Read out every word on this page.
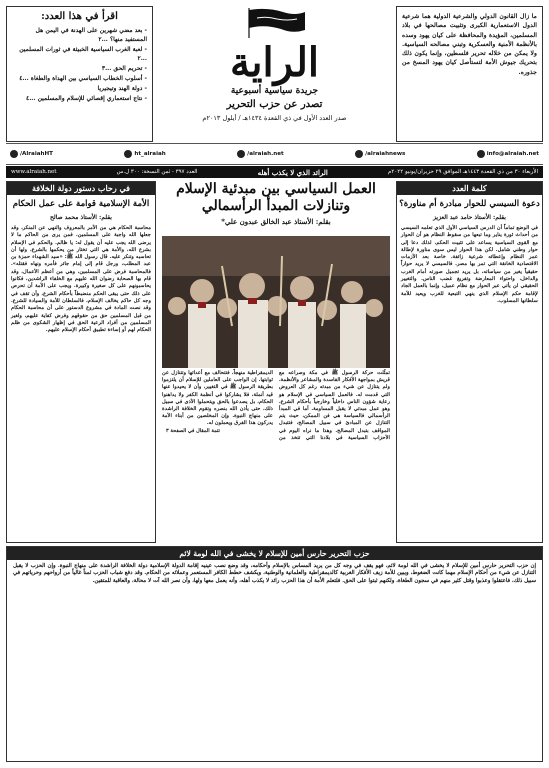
ما زال القانون الدولي والشرعية الدولية هما شرعية الدول الاستعمارية الكبرى وتثبيت مصالحها في بلاد المسلمين، المؤيدة والمحافظة على كيان يهود وسده بالأنظمة الأمنية والعسكرية وتبني مصالحه السياسية. ولا يمكن من خلاله تحرير فلسطين، وإنما يكون ذلك بتحريك جيوش الأمة لتستأصل كيان يهود المسخ من جذوره.
الراية
جريدة سياسية أسبوعية
تصدر عن حزب التحرير
صدر العدد الأول في ذي القعدة ١٤٣٤هـ / أيلول ٢٠١٣م
اقرأ في هذا العدد:
- بعد مضي شهرين على الهدنة في اليمن هل المستفيد منها؟ ...٢
- لعبة الغرب السياسية الخبيثة في ثورات المسلمين ...٢
- تحريم الحق ...٣
- أسلوب الخطاب السياسي بين الهداة والطغاة ...٤
- دولة الهند وتيجيريا
- نتاج استعماري إقصائي للإسلام والمسلمين ...٤
/AlraiahHT	ht_alraiah	/alraiah.net	/alraiahnews	info@alraiah.net
الأربعاء ٣٠ من ذي القعدة ١٤٤٣هـ الموافق ٢٩ حزيران/يونيو ٢٠٢٢م
الرائد الذي لا يكذب أهله
العدد ٣٩٧ - ثمن النسخة: ٣٠٠ ل.س
www.alraiah.net
كلمة العدد
دعوة السيسي للحوار مبادرة أم مناورة؟
بقلم: الأستاذ حامد عبد العزيز
في الوضع تماماً أن الدرس السياسي الأول الذي تعلمه السيسي من أحداث ثورة يناير وما تبعها من سقوط النظام هو أن الحوار مع القوى السياسية يساعد على تثبيت الحكم، لذلك دعا إلى حوار وطني شامل. لكن هذا الحوار ليس سوى مناورة لإطالة عمر النظام وإعطائه شرعية زائفة، خاصة بعد الأزمات الاقتصادية الخانقة التي تمر بها مصر. فالسيسي لا يريد حواراً حقيقياً يغير من سياساته، بل يريد تجميل صورته أمام الغرب والداخل، واحتواء المعارضة وتفريغ غضب الناس. والتغيير الحقيقي لن يأتي عبر الحوار مع نظام عميل، وإنما بالعمل الجاد لإقامة حكم الإسلام الذي ينهي التبعية للغرب ويعيد للأمة سلطانها المسلوب.
العمل السياسي بين مبدئية الإسلام وتنازلات المبدأ الرأسمالي
بقلم: الأستاذ عبد الخالق عبدون علي*
تمثّلت حركة الرسول ﷺ في مكة وصراعه مع قريش بمواجهة الأفكار الفاسدة والمشاعر والأنظمة، ولم يتنازل عن شيء من مبدئه رغم كل العروض التي قدمت له. فالعمل السياسي في الإسلام هو رعاية شؤون الناس داخلياً وخارجياً بأحكام الشرع، وهو عمل مبدئي لا يقبل المساومة. أما في المبدأ الرأسمالي فالسياسة هي فن الممكن، حيث يتم التنازل عن المبادئ في سبيل المصالح، فتتبدل المواقف بتبدل المصالح. وهذا ما نراه اليوم في الأحزاب السياسية في بلادنا التي تتخذ من الديمقراطية منهجاً، فتتحالف مع أعدائها وتتنازل عن ثوابتها. إن الواجب على العاملين للإسلام أن يلتزموا بطريقة الرسول ﷺ في التغيير، وأن لا يحيدوا عنها قيد أنملة، فلا يشاركوا في أنظمة الكفر ولا يداهنوا الحكام، بل يصدعوا بالحق ويتحملوا الأذى في سبيل ذلك، حتى يأذن الله بنصره وتقوم الخلافة الراشدة على منهاج النبوة. وإن المخلصين من أبناء الأمة يدركون هذا الفرق ويعملون له.
تتمة المقال في الصفحة ٣
في رحاب دستور دولة الخلافة
الأمة الإسلامية قوامة على عمل الحكام
بقلم: الأستاذ محمد صالح
محاسبة الحكام هي من الأمر بالمعروف والنهي عن المنكر، وقد جعلها الله واجبة على المسلمين، فمن يرى من الحاكم ما لا يرضى الله يجب عليه أن يقول له: يا ظالم. والحكم في الإسلام بشرع الله، والأمة هي التي تختار من يحكمها بالشرع، ولها أن تحاسبه وتنكر عليه. قال رسول الله ﷺ: «سيد الشهداء حمزة بن عبد المطلب، ورجل قام إلى إمام جائر فأمره ونهاه فقتله». فالمحاسبة فرض على المسلمين، وهي من أعظم الأعمال، وقد قام بها الصحابة رضوان الله عليهم مع الخلفاء الراشدين، فكانوا يحاسبونهم على كل صغيرة وكبيرة. ويجب على الأمة أن تحرص على ذلك حتى يبقى الحكم منضبطاً بأحكام الشرع، وأن تقف في وجه كل حاكم يخالف الإسلام، فالسلطان للأمة والسيادة للشرع. وقد نصت المادة في مشروع الدستور على أن محاسبة الحكام من قبل المسلمين حق من حقوقهم وفرض كفاية عليهم، ولغير المسلمين من أفراد الرعية الحق في إظهار الشكوى من ظلم الحكام لهم أو إساءة تطبيق أحكام الإسلام عليهم.
حزب التحرير حارس أمين للإسلام لا يخشى في الله لومة لائم
إن حزب التحرير حارس أمين للإسلام لا يخشى في الله لومة لائم، فهو يقف في وجه كل من يريد المساس بالإسلام وأحكامه، وقد وضع نصب عينيه إقامة الدولة الإسلامية دولة الخلافة الراشدة على منهاج النبوة. وإن الحزب لا يقبل التنازل عن شيء من أحكام الإسلام مهما كانت الضغوط، ويبين للأمة زيف الأفكار الغربية كالديمقراطية والعلمانية والوطنية، ويكشف خطط الكافر المستعمر وعملائه من الحكام. وقد دفع شباب الحزب ثمناً غالياً من أرواحهم وحرياتهم في سبيل ذلك، فاعتقلوا وعذبوا وقتل كثير منهم في سجون الطغاة، ولكنهم ثبتوا على الحق. فلتعلم الأمة أن هذا الحزب رائد لا يكذب أهله، وأنه يعمل معها ولها، وأن نصر الله آت لا محالة، والعاقبة للمتقين.
